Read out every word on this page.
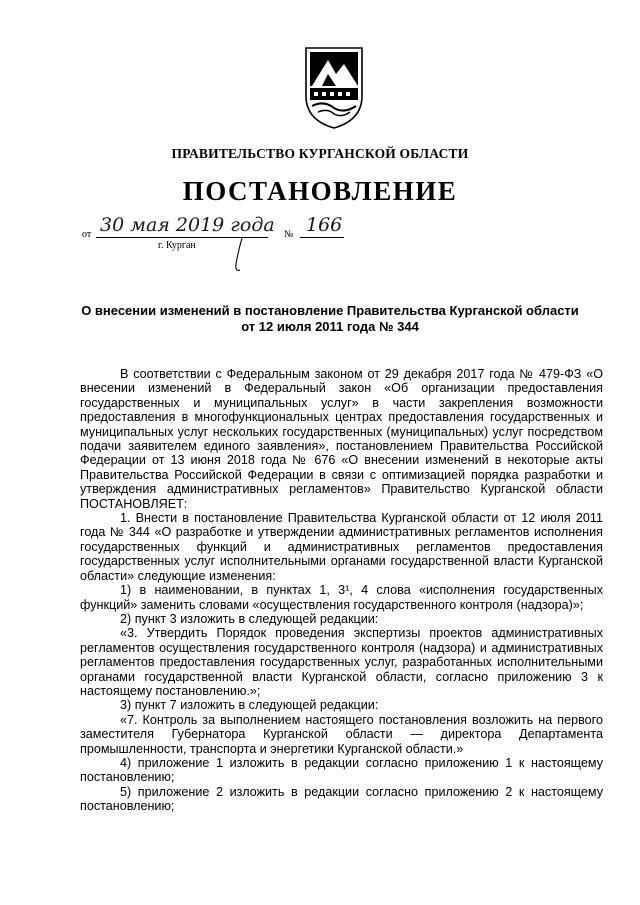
ПРАВИТЕЛЬСТВО КУРГАНСКОЙ ОБЛАСТИ
ПОСТАНОВЛЕНИЕ
от 30 мая 2019 года № 166
г. Курган
О внесении изменений в постановление Правительства Курганской области
от 12 июля 2011 года № 344

В соответствии с Федеральным законом от 29 декабря 2017 года № 479-ФЗ «О внесении изменений в Федеральный закон «Об организации предоставления государственных и муниципальных услуг» в части закрепления возможности предоставления в многофункциональных центрах предоставления государственных и муниципальных услуг нескольких государственных (муниципальных) услуг посредством подачи заявителем единого заявления», постановлением Правительства Российской Федерации от 13 июня 2018 года № 676 «О внесении изменений в некоторые акты Правительства Российской Федерации в связи с оптимизацией порядка разработки и утверждения административных регламентов» Правительство Курганской области ПОСТАНОВЛЯЕТ:

1. Внести в постановление Правительства Курганской области от 12 июля 2011 года № 344 «О разработке и утверждении административных регламентов исполнения государственных функций и административных регламентов предоставления государственных услуг исполнительными органами государственной власти Курганской области» следующие изменения:

1) в наименовании, в пунктах 1, 3¹, 4 слова «исполнения государственных функций» заменить словами «осуществления государственного контроля (надзора)»;

2) пункт 3 изложить в следующей редакции:

«3. Утвердить Порядок проведения экспертизы проектов административных регламентов осуществления государственного контроля (надзора) и административных регламентов предоставления государственных услуг, разработанных исполнительными органами государственной власти Курганской области, согласно приложению 3 к настоящему постановлению.»;

3) пункт 7 изложить в следующей редакции:

«7. Контроль за выполнением настоящего постановления возложить на первого заместителя Губернатора Курганской области — директора Департамента промышленности, транспорта и энергетики Курганской области.»

4) приложение 1 изложить в редакции согласно приложению 1 к настоящему постановлению;

5) приложение 2 изложить в редакции согласно приложению 2 к настоящему постановлению;
